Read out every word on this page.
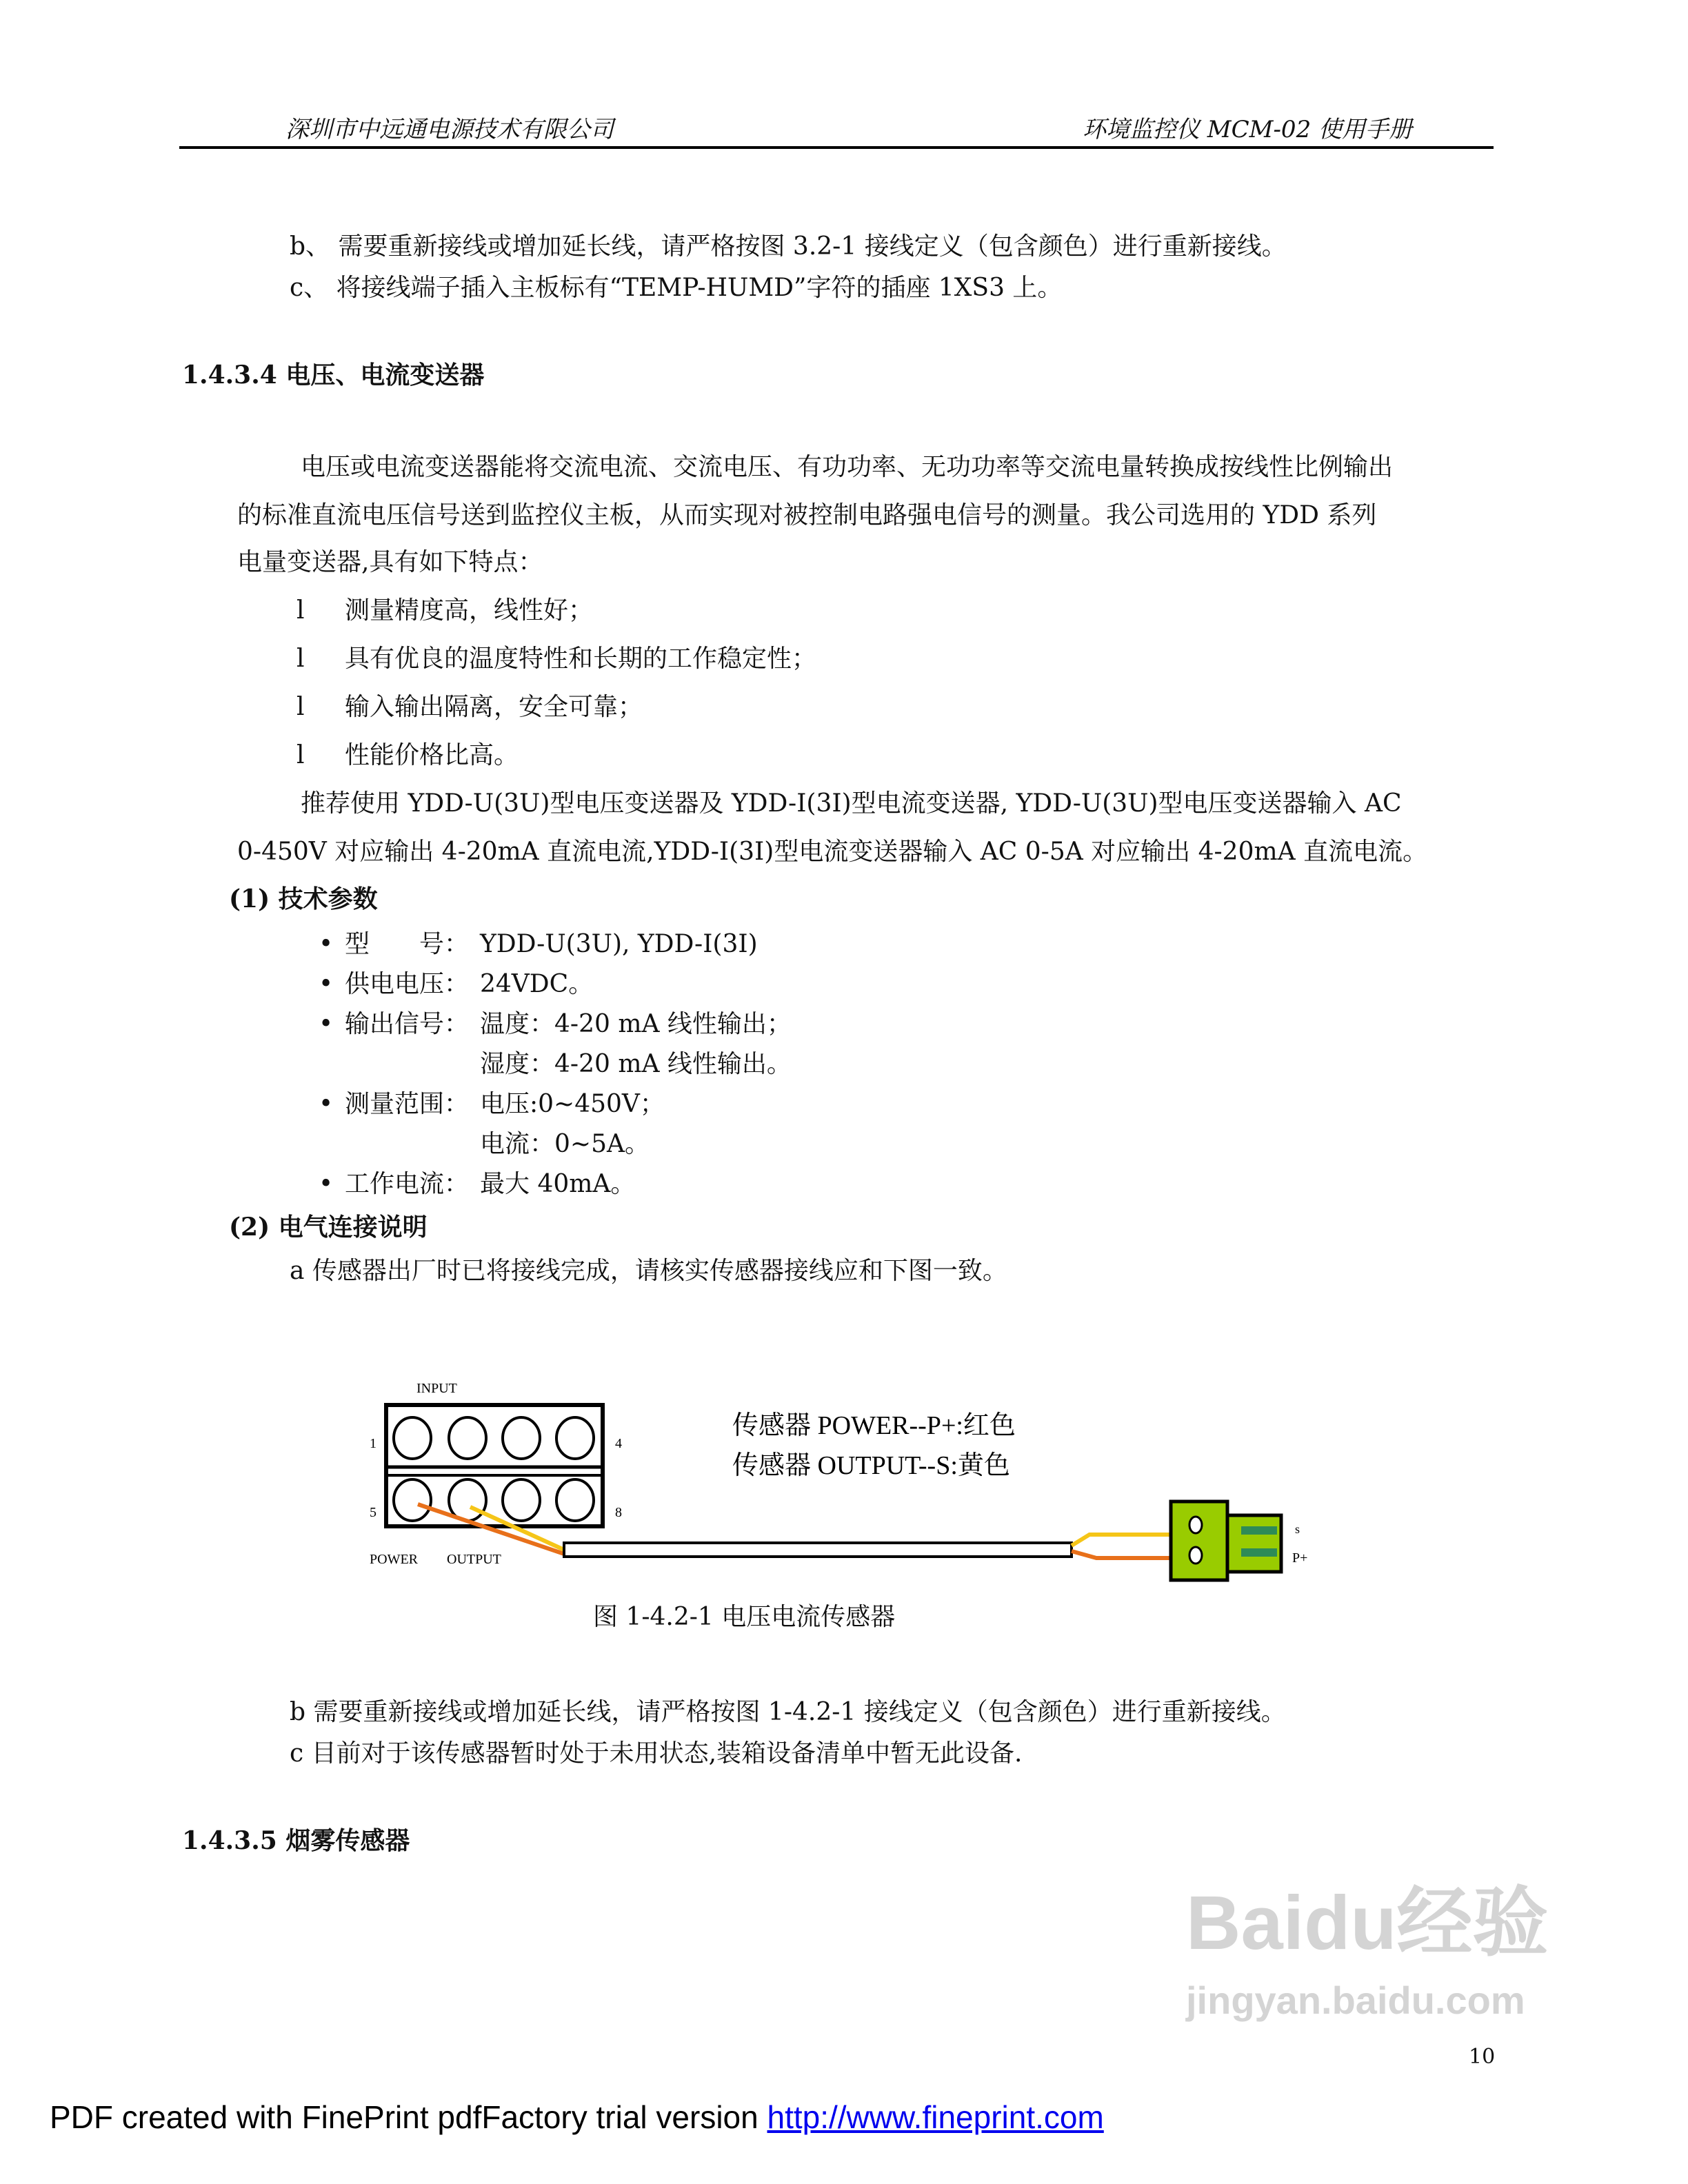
深圳市中远通电源技术有限公司	环境监控仪 MCM-02 使用手册
b、 需要重新接线或增加延长线，请严格按图 3.2-1 接线定义（包含颜色）进行重新接线。
c、 将接线端子插入主板标有“TEMP-HUMD”字符的插座 1XS3 上。
1.4.3.4 电压、电流变送器
电压或电流变送器能将交流电流、交流电压、有功功率、无功功率等交流电量转换成按线性比例输出
的标准直流电压信号送到监控仪主板，从而实现对被控制电路强电信号的测量。我公司选用的 YDD 系列
电量变送器,具有如下特点：
l 测量精度高，线性好；
l 具有优良的温度特性和长期的工作稳定性；
l 输入输出隔离，安全可靠；
l 性能价格比高。
推荐使用 YDD-U(3U)型电压变送器及 YDD-I(3I)型电流变送器, YDD-U(3U)型电压变送器输入 AC
0-450V 对应输出 4-20mA 直流电流,YDD-I(3I)型电流变送器输入 AC 0-5A 对应输出 4-20mA 直流电流。
(1) 技术参数
• 型　　号： YDD-U(3U), YDD-I(3I)
• 供电电压： 24VDC。
• 输出信号： 温度：4-20 mA 线性输出；
湿度：4-20 mA 线性输出。
• 测量范围： 电压:0~450V；
电流：0~5A。
• 工作电流： 最大 40mA。
(2) 电气连接说明
a 传感器出厂时已将接线完成，请核实传感器接线应和下图一致。
INPUT
1	4
5	8
POWER OUTPUT
s
P+
传感器 POWER--P+:红色
传感器 OUTPUT--S:黄色
图 1-4.2-1 电压电流传感器
b 需要重新接线或增加延长线，请严格按图 1-4.2-1 接线定义（包含颜色）进行重新接线。
c 目前对于该传感器暂时处于未用状态,装箱设备清单中暂无此设备.
1.4.3.5 烟雾传感器
Baidu经验
jingyan.baidu.com
10
PDF created with FinePrint pdfFactory trial version http://www.fineprint.com
